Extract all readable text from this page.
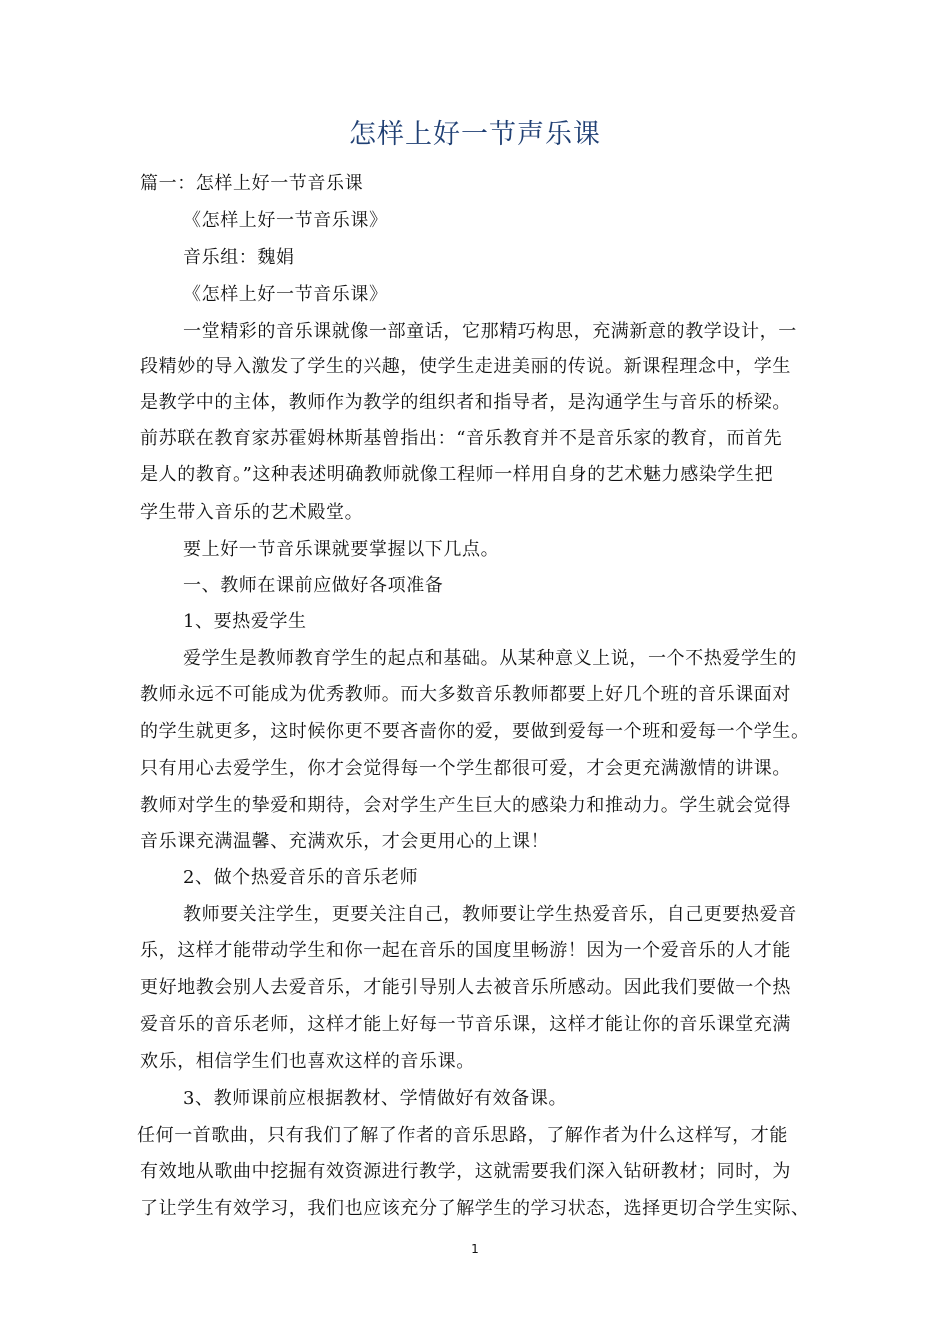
怎样上好一节声乐课
篇一：怎样上好一节音乐课
《怎样上好一节音乐课》
音乐组：魏娟
《怎样上好一节音乐课》
一堂精彩的音乐课就像一部童话，它那精巧构思，充满新意的教学设计，一
段精妙的导入激发了学生的兴趣，使学生走进美丽的传说。新课程理念中，学生
是教学中的主体，教师作为教学的组织者和指导者，是沟通学生与音乐的桥梁。
前苏联在教育家苏霍姆林斯基曾指出：“音乐教育并不是音乐家的教育，而首先
是人的教育。”这种表述明确教师就像工程师一样用自身的艺术魅力感染学生把
学生带入音乐的艺术殿堂。
要上好一节音乐课就要掌握以下几点。
一、教师在课前应做好各项准备
1、要热爱学生
爱学生是教师教育学生的起点和基础。从某种意义上说，一个不热爱学生的
教师永远不可能成为优秀教师。而大多数音乐教师都要上好几个班的音乐课面对
的学生就更多，这时候你更不要吝啬你的爱，要做到爱每一个班和爱每一个学生。
只有用心去爱学生，你才会觉得每一个学生都很可爱，才会更充满激情的讲课。
教师对学生的挚爱和期待，会对学生产生巨大的感染力和推动力。学生就会觉得
音乐课充满温馨、充满欢乐，才会更用心的上课！
2、做个热爱音乐的音乐老师
教师要关注学生，更要关注自己，教师要让学生热爱音乐，自己更要热爱音
乐，这样才能带动学生和你一起在音乐的国度里畅游！因为一个爱音乐的人才能
更好地教会别人去爱音乐，才能引导别人去被音乐所感动。因此我们要做一个热
爱音乐的音乐老师，这样才能上好每一节音乐课，这样才能让你的音乐课堂充满
欢乐，相信学生们也喜欢这样的音乐课。
3、教师课前应根据教材、学情做好有效备课。
任何一首歌曲，只有我们了解了作者的音乐思路，了解作者为什么这样写，才能
有效地从歌曲中挖掘有效资源进行教学，这就需要我们深入钻研教材；同时，为
了让学生有效学习，我们也应该充分了解学生的学习状态，选择更切合学生实际、
1
